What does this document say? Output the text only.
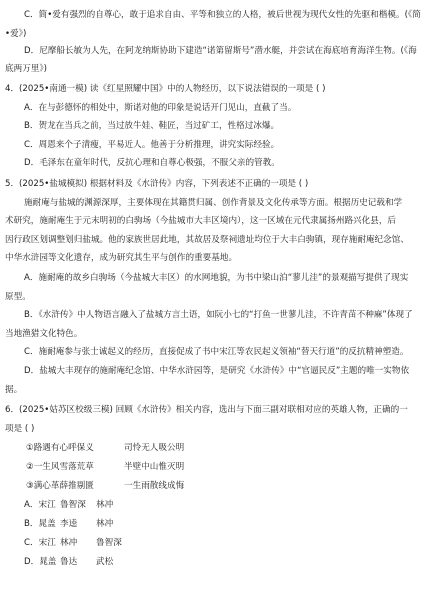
C．简•爱有强烈的自尊心，敢于追求自由、平等和独立的人格，被后世视为现代女性的先驱和楷模。(《简
•爱》)
D．尼摩船长敏为人先，在阿龙纳斯协助下建造“诺第留斯号”潜水艇，并尝试在海底培育海洋生物。(《海
底两万里》)
4．(2025•南通一模) 读《红星照耀中国》中的人物经历，以下说法错误的一项是 ( )
A．在与彭德怀的相处中，斯诺对他的印象是说话开门见山，直截了当。
B．贺龙在当兵之前，当过放牛娃、鞋匠，当过矿工，性格过冰爆。
C．周恩来个子清瘦，平易近人。他善于分析推理，讲究实际经验。
D．毛泽东在童年时代，反抗心理和自尊心极强，不服父亲的管教。
5．(2025•盐城模拟) 根据材料及《水浒传》内容，下列表述不正确的一项是 ( )
施耐庵与盐城的渊源深厚，主要体现在其籍贯归属、创作背景及文化传承等方面。根据历史记载和学
术研究，施耐庵生于元末明初的白驹场（今盐城市大丰区境内），这一区域在元代隶属扬州路兴化县，后
因行政区划调整划归盐城。他的家族世居此地，其故居及祭祠遗址均位于大丰白驹镇，现存施耐庵纪念馆、
中华水浒园等文化遗存，成为研究其生平与创作的重要基地。
A．施耐庵的故乡白驹场（今盐城大丰区）的水网地貌，为书中梁山泊“蓼儿洼”的景观描写提供了现实
原型。
B．《水浒传》中人物语言融入了盐城方言土语，如阮小七的“打鱼一世蓼儿洼，不许青苗不种麻”体现了
当地渔猎文化特色。
C．施耐庵参与张士诚起义的经历，直接促成了书中宋江等农民起义领袖“替天行道”的反抗精神塑造。
D．盐城大丰现存的施耐庵纪念馆、中华水浒园等，是研究《水浒传》中“官逼民反”主题的唯一实物依
据。
6．(2025•姑苏区校级三模) 回顾《水浒传》相关内容，选出与下面三副对联相对应的英雄人物，正确的一
项是 ( )
①路遇有心呼保义	司怜无人吸公明
②一生风雪落荒草	半壁中山惟灭明
③满心革薛推剔匮	一生雨散线成悔
A．宋江 鲁智深 林冲
B．晁盖 李逵 林冲
C．宋江 林冲 鲁智深
D．晁盖 鲁达 武松
